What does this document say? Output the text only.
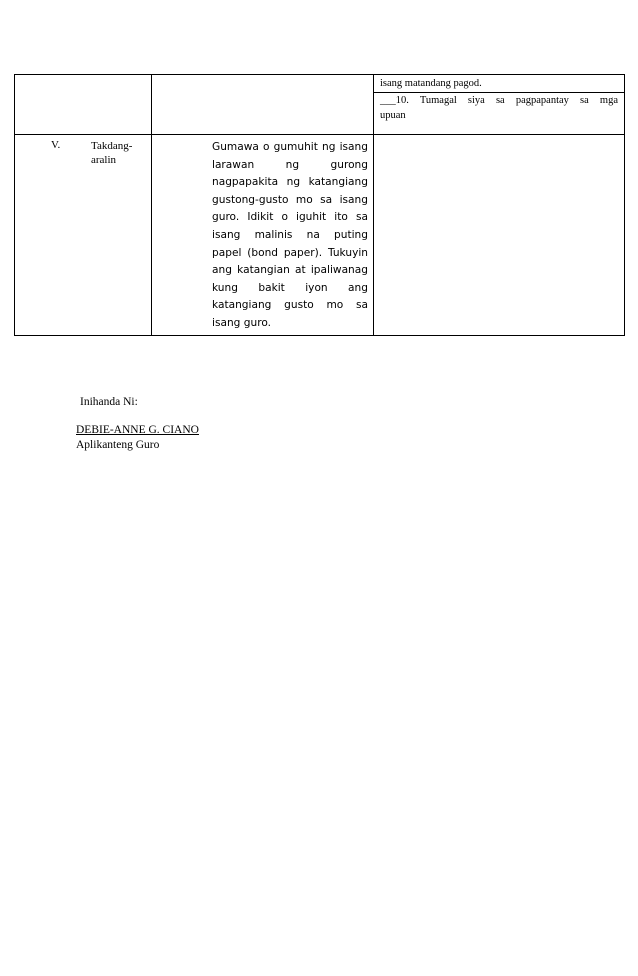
		isang matandang pagod.
___10. Tumagal siya sa pagpapantay sa mga
upuan

V. Takdang-
aralin		

Gumawa o gumuhit ng isang
larawan ng gurong
nagpapakita ng katangiang
gustong-gusto mo sa isang
guro. Idikit o iguhit ito sa
isang malinis na puting
papel (bond paper). Tukuyin
ang katangian at ipaliwanag
kung bakit iyon ang
katangiang gusto mo sa
isang guro.
Inihanda Ni:
DEBIE-ANNE G. CIANO
Aplikanteng Guro
